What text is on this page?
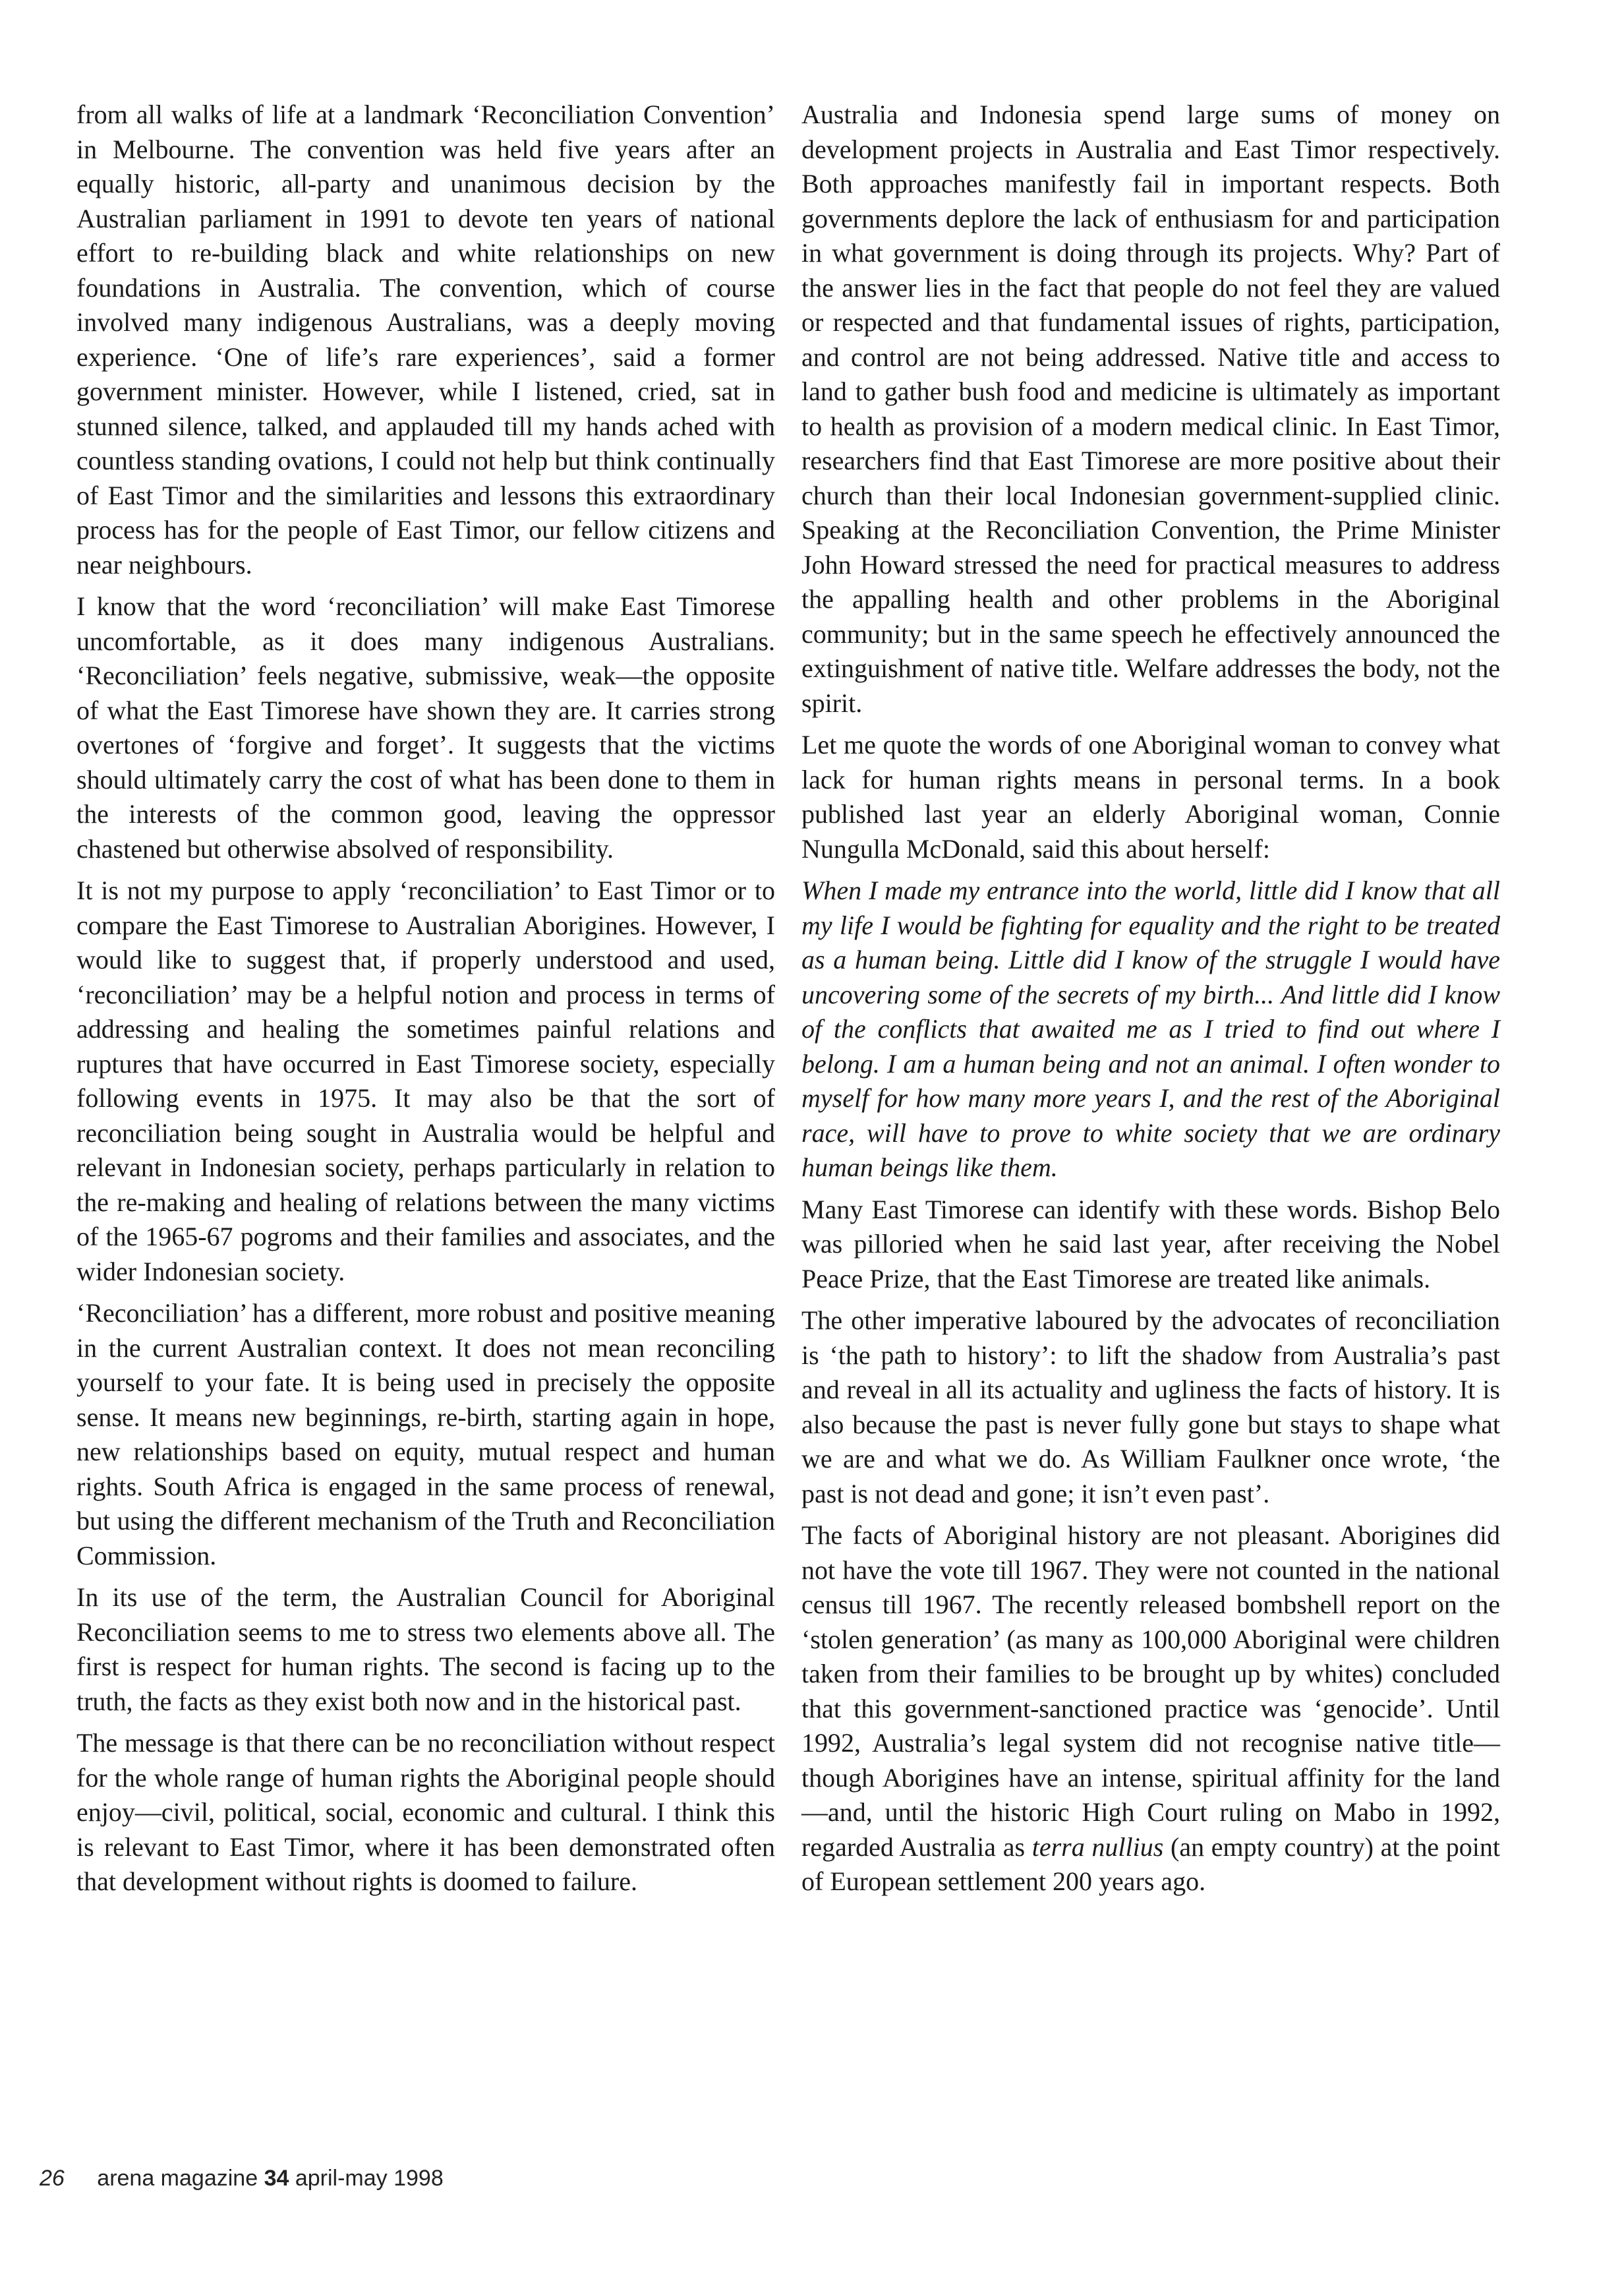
from all walks of life at a landmark ‘Reconciliation Convention’ in Melbourne. The convention was held five years after an equally historic, all-party and unanimous decision by the Australian parliament in 1991 to devote ten years of national effort to re-building black and white relationships on new foundations in Australia. The convention, which of course involved many indigenous Australians, was a deeply moving experience. ‘One of life’s rare experiences’, said a former government minister. However, while I listened, cried, sat in stunned silence, talked, and applauded till my hands ached with countless standing ovations, I could not help but think continually of East Timor and the similarities and lessons this extraordinary process has for the people of East Timor, our fellow citizens and near neighbours.

I know that the word ‘reconciliation’ will make East Timorese uncomfortable, as it does many indigenous Australians. ‘Reconciliation’ feels negative, submissive, weak—the opposite of what the East Timorese have shown they are. It carries strong overtones of ‘forgive and forget’. It suggests that the victims should ultimately carry the cost of what has been done to them in the interests of the common good, leaving the oppressor chastened but otherwise absolved of responsibility.

It is not my purpose to apply ‘reconciliation’ to East Timor or to compare the East Timorese to Australian Aborigines. However, I would like to suggest that, if properly understood and used, ‘reconciliation’ may be a helpful notion and process in terms of addressing and healing the sometimes painful relations and ruptures that have occurred in East Timorese society, especially following events in 1975. It may also be that the sort of reconciliation being sought in Australia would be helpful and relevant in Indonesian society, perhaps particularly in relation to the re-making and healing of relations between the many victims of the 1965-67 pogroms and their families and associates, and the wider Indonesian society.

‘Reconciliation’ has a different, more robust and positive meaning in the current Australian context. It does not mean reconciling yourself to your fate. It is being used in precisely the opposite sense. It means new beginnings, re-birth, starting again in hope, new relationships based on equity, mutual respect and human rights. South Africa is engaged in the same process of renewal, but using the different mechanism of the Truth and Reconciliation Commission.

In its use of the term, the Australian Council for Aboriginal Reconciliation seems to me to stress two elements above all. The first is respect for human rights. The second is facing up to the truth, the facts as they exist both now and in the historical past.

The message is that there can be no reconciliation without respect for the whole range of human rights the Aboriginal people should enjoy—civil, political, social, economic and cultural. I think this is relevant to East Timor, where it has been demonstrated often that development without rights is doomed to failure.

Australia and Indonesia spend large sums of money on development projects in Australia and East Timor respectively. Both approaches manifestly fail in important respects. Both governments deplore the lack of enthusiasm for and participation in what government is doing through its projects. Why? Part of the answer lies in the fact that people do not feel they are valued or respected and that fundamental issues of rights, participation, and control are not being addressed. Native title and access to land to gather bush food and medicine is ultimately as important to health as provision of a modern medical clinic. In East Timor, researchers find that East Timorese are more positive about their church than their local Indonesian government-supplied clinic. Speaking at the Reconciliation Convention, the Prime Minister John Howard stressed the need for practical measures to address the appalling health and other problems in the Aboriginal community; but in the same speech he effectively announced the extinguishment of native title. Welfare addresses the body, not the spirit.

Let me quote the words of one Aboriginal woman to convey what lack for human rights means in personal terms. In a book published last year an elderly Aboriginal woman, Connie Nungulla McDonald, said this about herself:

When I made my entrance into the world, little did I know that all my life I would be fighting for equality and the right to be treated as a human being. Little did I know of the struggle I would have uncovering some of the secrets of my birth... And little did I know of the conflicts that awaited me as I tried to find out where I belong. I am a human being and not an animal. I often wonder to myself for how many more years I, and the rest of the Aboriginal race, will have to prove to white society that we are ordinary human beings like them.

Many East Timorese can identify with these words. Bishop Belo was pilloried when he said last year, after receiving the Nobel Peace Prize, that the East Timorese are treated like animals.

The other imperative laboured by the advocates of reconciliation is ‘the path to history’: to lift the shadow from Australia’s past and reveal in all its actuality and ugliness the facts of history. It is also because the past is never fully gone but stays to shape what we are and what we do. As William Faulkner once wrote, ‘the past is not dead and gone; it isn’t even past’.

The facts of Aboriginal history are not pleasant. Aborigines did not have the vote till 1967. They were not counted in the national census till 1967. The recently released bombshell report on the ‘stolen generation’ (as many as 100,000 Aboriginal were children taken from their families to be brought up by whites) concluded that this government-sanctioned practice was ‘genocide’. Until 1992, Australia’s legal system did not recognise native title—though Aborigines have an intense, spiritual affinity for the land—and, until the historic High Court ruling on Mabo in 1992, regarded Australia as terra nullius (an empty country) at the point of European settlement 200 years ago.

26 arena magazine 34 april-may 1998
